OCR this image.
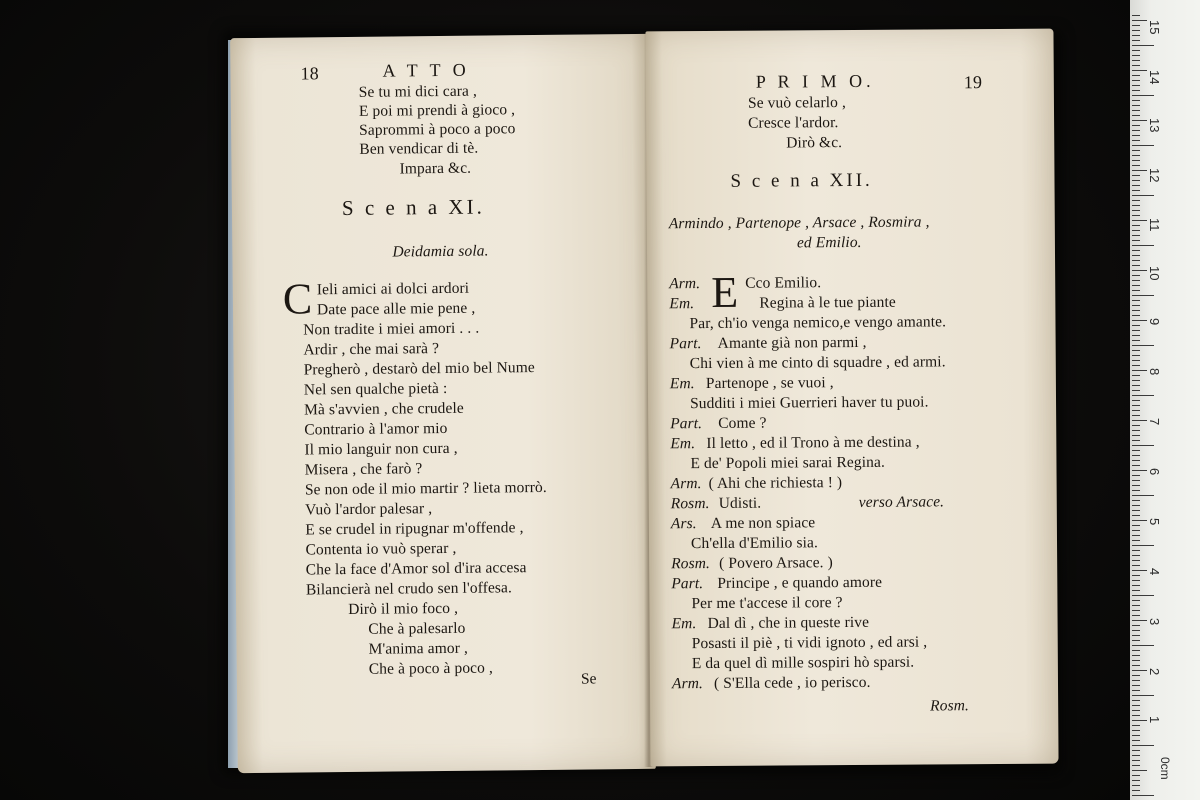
18	A T T O
Se tu mi dici cara ,
E poi mi prendi à gioco ,
Saprommi à poco a poco
Ben vendicar di tè.
Impara &c.
S c e n a XI.
Deidamia sola.
C Ieli amici ai dolci ardori
Date pace alle mie pene ,
Non tradite i miei amori . . .
Ardir , che mai sarà ?
Pregherò , destarò del mio bel Nume
Nel sen qualche pietà :
Mà s'avvien , che crudele
Contrario à l'amor mio
Il mio languir non cura ,
Misera , che farò ?
Se non ode il mio martir ? lieta morrò.
Vuò l'ardor palesar ,
E se crudel in ripugnar m'offende ,
Contenta io vuò sperar ,
Che la face d'Amor sol d'ira accesa
Bilancierà nel crudo sen l'offesa.
Dirò il mio foco ,
Che à palesarlo
M'anima amor ,
Che à poco à poco ,
Se
P R I M O.	19
Se vuò celarlo ,
Cresce l'ardor.
Dirò &c.
S c e n a XII.
Armindo , Partenope , Arsace , Rosmira ,
ed Emilio.
E
Arm.	Cco Emilio.
Em.	Regina à le tue piante
Par, ch'io venga nemico,e vengo amante.
Part. Amante già non parmi ,
Chi vien à me cinto di squadre , ed armi.
Em. Partenope , se vuoi ,
Sudditi i miei Guerrieri haver tu puoi.
Part. Come ?
Em. Il letto , ed il Trono à me destina ,
E de' Popoli miei sarai Regina.
Arm. ( Ahi che richiesta ! )
Rosm. Udisti.	verso Arsace.
Ars. A me non spiace
Ch'ella d'Emilio sia.
Rosm. ( Povero Arsace. )
Part. Principe , e quando amore
Per me t'accese il core ?
Em. Dal dì , che in queste rive
Posasti il piè , ti vidi ignoto , ed arsi ,
E da quel dì mille sospiri hò sparsi.
Arm. ( S'Ella cede , io perisco.
Rosm.
15
14
13
12
11
10
9
8
7
6
5
4
3
2
1
0cm
